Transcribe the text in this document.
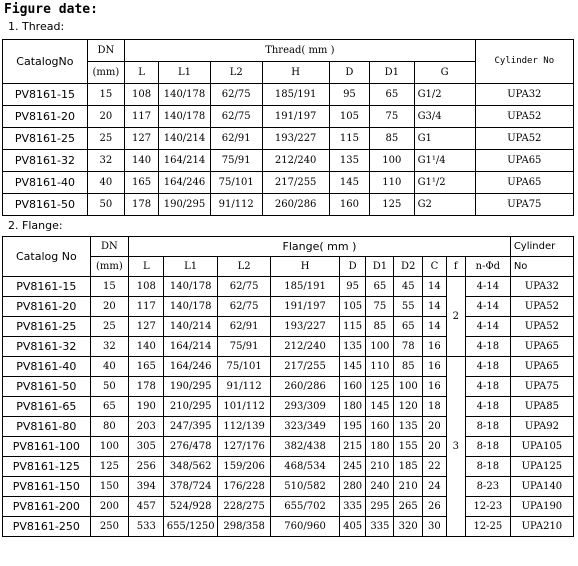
Figure date:
1. Thread:
CatalogNo	DN	Thread( mm )							Cylinder No
	(mm)	L	L1	L2	H	D	D1	G	
PV8161-15	15	108	140/178	62/75	185/191	95	65	G1/2	UPA32
PV8161-20	20	117	140/178	62/75	191/197	105	75	G3/4	UPA52
PV8161-25	25	127	140/214	62/91	193/227	115	85	G1	UPA52
PV8161-32	32	140	164/214	75/91	212/240	135	100	G1¹/4	UPA65
PV8161-40	40	165	164/246	75/101	217/255	145	110	G1¹/2	UPA65
PV8161-50	50	178	190/295	91/112	260/286	160	125	G2	UPA75
2. Flange:
Catalog No	DN	Flange( mm )										Cylinder
	(mm)	L	L1	L2	H	D	D1	D2	C	f	n-Φd	No
PV8161-15	15	108	140/178	62/75	185/191	95	65	45	14	2	4-14	UPA32
PV8161-20	20	117	140/178	62/75	191/197	105	75	55	14		4-14	UPA52
PV8161-25	25	127	140/214	62/91	193/227	115	85	65	14		4-14	UPA52
PV8161-32	32	140	164/214	75/91	212/240	135	100	78	16		4-18	UPA65
PV8161-40	40	165	164/246	75/101	217/255	145	110	85	16	3	4-18	UPA65
PV8161-50	50	178	190/295	91/112	260/286	160	125	100	16		4-18	UPA75
PV8161-65	65	190	210/295	101/112	293/309	180	145	120	18		4-18	UPA85
PV8161-80	80	203	247/395	112/139	323/349	195	160	135	20		8-18	UPA92
PV8161-100	100	305	276/478	127/176	382/438	215	180	155	20		8-18	UPA105
PV8161-125	125	256	348/562	159/206	468/534	245	210	185	22		8-18	UPA125
PV8161-150	150	394	378/724	176/228	510/582	280	240	210	24		8-23	UPA140
PV8161-200	200	457	524/928	228/275	655/702	335	295	265	26		12-23	UPA190
PV8161-250	250	533	655/1250	298/358	760/960	405	335	320	30		12-25	UPA210
